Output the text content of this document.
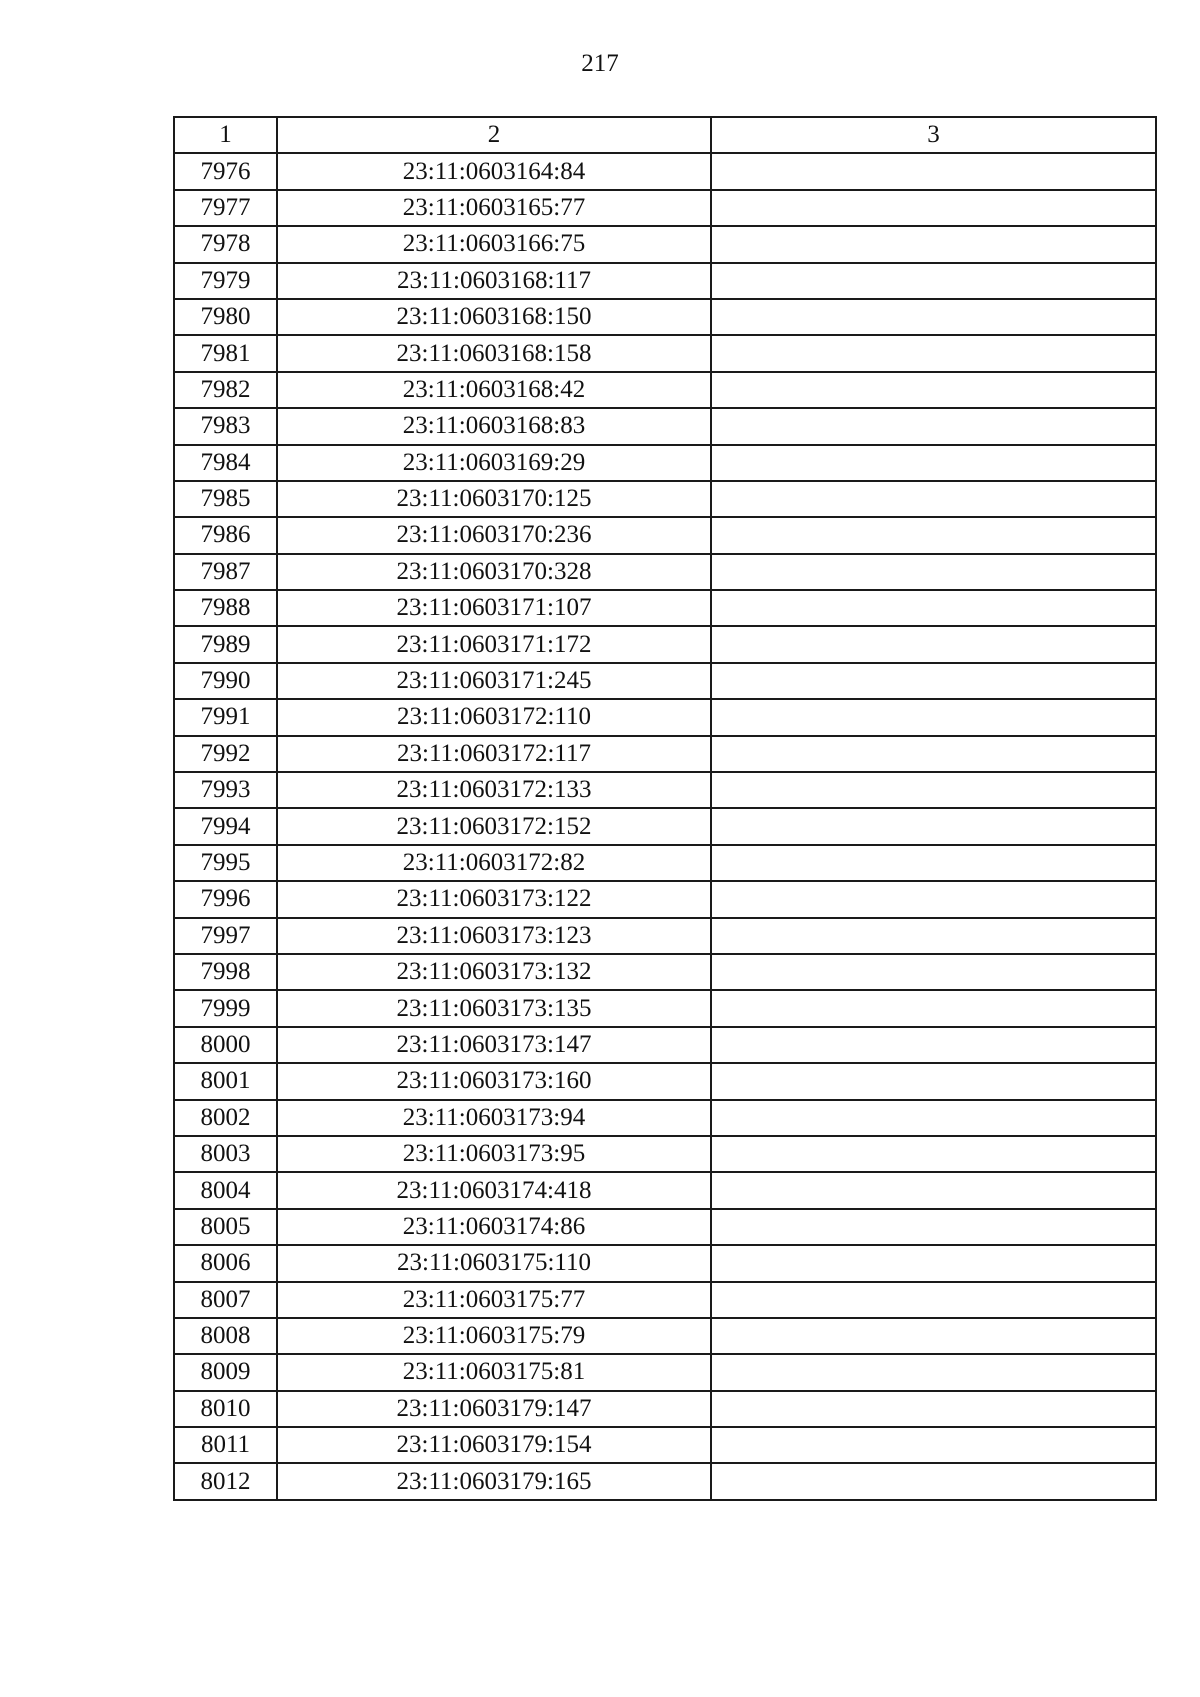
217
1	2	3
7976	23:11:0603164:84	
7977	23:11:0603165:77	
7978	23:11:0603166:75	
7979	23:11:0603168:117	
7980	23:11:0603168:150	
7981	23:11:0603168:158	
7982	23:11:0603168:42	
7983	23:11:0603168:83	
7984	23:11:0603169:29	
7985	23:11:0603170:125	
7986	23:11:0603170:236	
7987	23:11:0603170:328	
7988	23:11:0603171:107	
7989	23:11:0603171:172	
7990	23:11:0603171:245	
7991	23:11:0603172:110	
7992	23:11:0603172:117	
7993	23:11:0603172:133	
7994	23:11:0603172:152	
7995	23:11:0603172:82	
7996	23:11:0603173:122	
7997	23:11:0603173:123	
7998	23:11:0603173:132	
7999	23:11:0603173:135	
8000	23:11:0603173:147	
8001	23:11:0603173:160	
8002	23:11:0603173:94	
8003	23:11:0603173:95	
8004	23:11:0603174:418	
8005	23:11:0603174:86	
8006	23:11:0603175:110	
8007	23:11:0603175:77	
8008	23:11:0603175:79	
8009	23:11:0603175:81	
8010	23:11:0603179:147	
8011	23:11:0603179:154	
8012	23:11:0603179:165	
